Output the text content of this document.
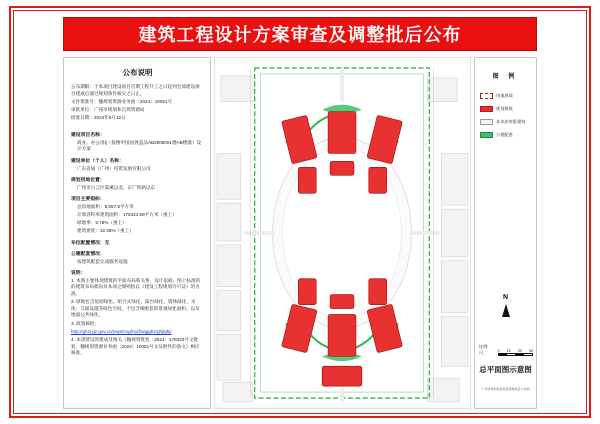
建筑工程设计方案审查及调整批后公布
公布说明
公布期限：于本项目建设项目首期工程开工之日起到全部建设项目建成后通过规划条件核实之日止。
文件批准号：穗规划资源业务函〔2024〕10051号
审批单位：广州市规划和自然资源局
批准日期：2024年8月12日
建设项目名称：
商业、办公用łj（接楼甲国居展盖品AB2605001楼AB楼群）设计方案
建设单位（个人）名称：
广东省通（广州）投资发展有限公司
规划用地位置：
广州市白云区棠溪以北，京广铁路以东
项目主要指标：
总用地面积：9,657.8平方米
计算容积率建筑面积：175424.59平方米（重上）
绿地率：9.78%（重上）
建筑密度：32.05%（重上）
车位配置情况：无
公建配套情况：
按建筑配套完成服务设施
说明：
1. 本图主要体现建筑的平面布局和关系，设计依据、图上标准的的建筑布局朝向及本项之细则指以《建设工程规划许可证》的为准。
2. 绿地包含屋面绿化、组合式绿化、阳台绿化、墙体绿化、水体、交通设施等绿色空间，不包含相配套的景观绿化面积，以及地面公共绿化。
3. 政策核批：
http://ghzj.gz.gov.cn/ywpt/cvghzjzhwjggbz/ghjlgbj/
4. 本诸建设的建成及相关《穗规资批复〔2023〕178333号文批复、穗规划资源业务函〔2024〕10051号文及附件的条文》相应核准。
图 例
用地界线
规划建筑
非本次审批建筑
公建配套
N
比例尺：	0 10 30 50
总平面图示意图
广州市规划和自然资源局批后公布图
